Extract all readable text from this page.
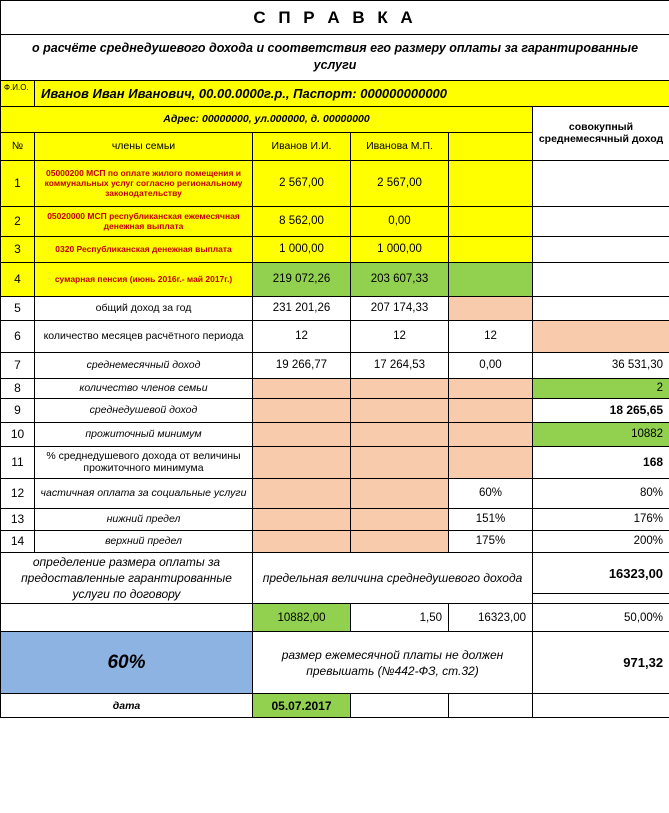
С П Р А В К А					
о расчёте среднедушевого дохода и соответствия его размеру оплаты за гарантированные услуги					
Ф.И.О.	Иванов Иван Иванович, 00.00.0000г.р., Паспорт: 000000000000				
Адрес: 00000000, ул.000000, д. 00000000					совокупный среднемесячный доход
№	члены семьи	Иванов И.И.	Иванова М.П.		
1	05000200 МСП по оплате жилого помещения и коммунальных услуг согласно региональному законодательству	2 567,00	2 567,00		
2	05020000 МСП республиканская ежемесячная денежная выплата	8 562,00	0,00		
3	0320 Республиканская денежная выплата	1 000,00	1 000,00		
4	сумарная пенсия (июнь 2016г.- май 2017г.)	219 072,26	203 607,33		
5	общий доход за год	231 201,26	207 174,33		
6	количество месяцев расчётного периода	12	12	12	
7	среднемесячный доход	19 266,77	17 264,53	0,00	36 531,30
8	количество членов семьи				2
9	среднедушевой доход				18 265,65
10	прожиточный минимум				10882
11	% среднедушевого дохода от величины прожиточного минимума				168
12	частичная оплата за социальные услуги			60%	80%
13	нижний предел			151%	176%
14	верхний предел			175%	200%
определение размера оплаты за предоставленные гарантированные услуги по договору		предельная величина среднедушевого дохода			16323,00

		10882,00	1,50	16323,00	50,00%
60%		размер ежемесячной платы не должен превышать (№442-ФЗ, ст.32)			971,32
дата		05.07.2017			
